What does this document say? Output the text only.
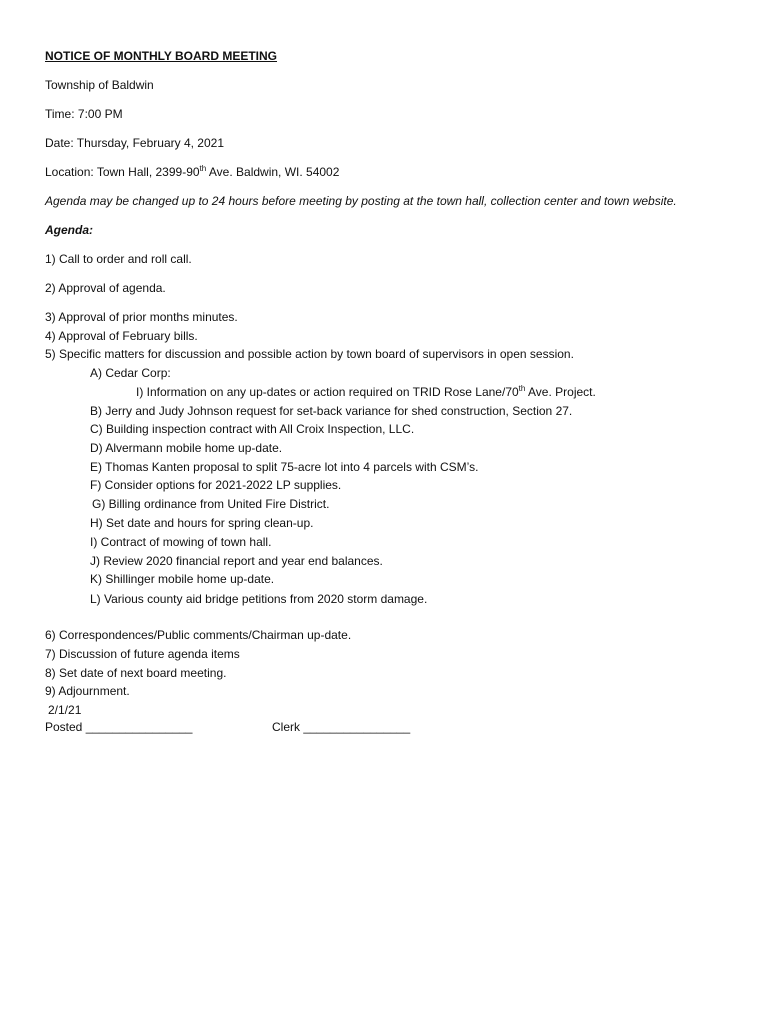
NOTICE OF MONTHLY BOARD MEETING
Township of Baldwin
Time: 7:00 PM
Date: Thursday, February 4, 2021
Location: Town Hall, 2399-90th Ave. Baldwin, WI. 54002
Agenda may be changed up to 24 hours before meeting by posting at the town hall, collection center and town website.
Agenda:
1) Call to order and roll call.
2) Approval of agenda.
3) Approval of prior months minutes.
4) Approval of February bills.
5) Specific matters for discussion and possible action by town board of supervisors in open session.
A) Cedar Corp:
I) Information on any up-dates or action required on TRID Rose Lane/70th Ave. Project.
B) Jerry and Judy Johnson request for set-back variance for shed construction, Section 27.
C) Building inspection contract with All Croix Inspection, LLC.
D) Alvermann mobile home up-date.
E) Thomas Kanten proposal to split 75-acre lot into 4 parcels with CSM’s.
F) Consider options for 2021-2022 LP supplies.
G) Billing ordinance from United Fire District.
H) Set date and hours for spring clean-up.
I) Contract of mowing of town hall.
J) Review 2020 financial report and year end balances.
K) Shillinger mobile home up-date.
L) Various county aid bridge petitions from 2020 storm damage.
6) Correspondences/Public comments/Chairman up-date.
7) Discussion of future agenda items
8) Set date of next board meeting.
9) Adjournment.
2/1/21
Posted ________________	Clerk ________________
